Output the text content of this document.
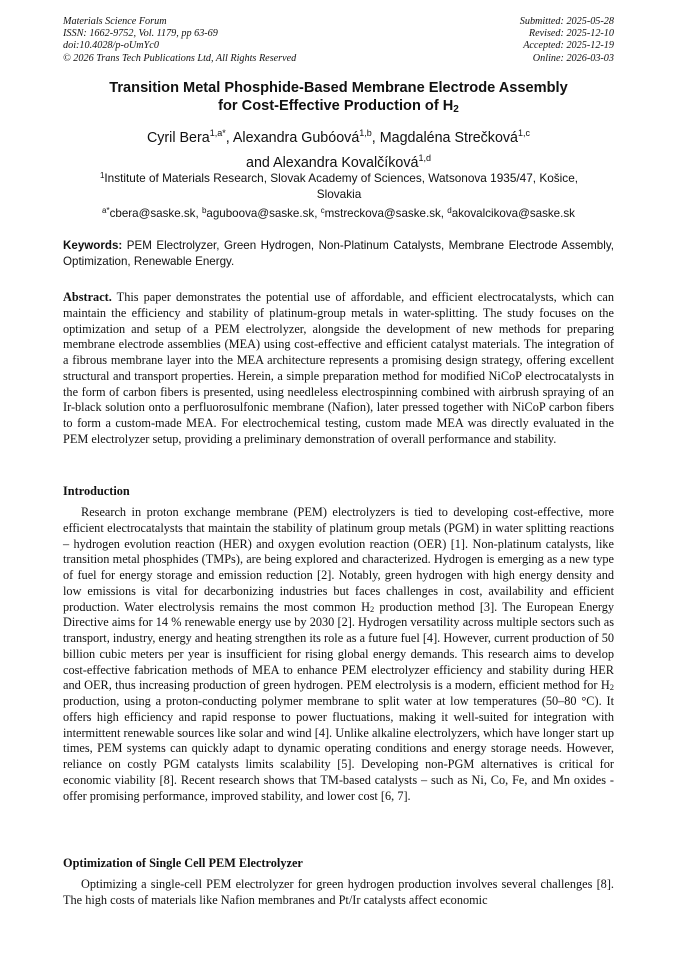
Materials Science Forum
ISSN: 1662-9752, Vol. 1179, pp 63-69
doi:10.4028/p-oUmYc0
© 2026 Trans Tech Publications Ltd, All Rights Reserved
Submitted: 2025-05-28
Revised: 2025-12-10
Accepted: 2025-12-19
Online: 2026-03-03
Transition Metal Phosphide-Based Membrane Electrode Assembly
for Cost-Effective Production of $H_2$
Cyril Bera$^{1,a*}$, Alexandra Gubóová$^{1,b}$, Magdaléna Strečková$^{1,c}$
and Alexandra Kovalčíková$^{1,d}$
$^1$Institute of Materials Research, Slovak Academy of Sciences, Watsonova 1935/47, Košice, Slovakia
$^{a*}$cbera@saske.sk, $^b$aguboova@saske.sk, $^c$mstreckova@saske.sk, $^d$akovalcikova@saske.sk
Keywords: PEM Electrolyzer, Green Hydrogen, Non-Platinum Catalysts, Membrane Electrode Assembly, Optimization, Renewable Energy.
Abstract. This paper demonstrates the potential use of affordable, and efficient electrocatalysts, which can maintain the efficiency and stability of platinum-group metals in water-splitting. The study focuses on the optimization and setup of a PEM electrolyzer, alongside the development of new methods for preparing membrane electrode assemblies (MEA) using cost-effective and efficient catalyst materials. The integration of a fibrous membrane layer into the MEA architecture represents a promising design strategy, offering excellent structural and transport properties. Herein, a simple preparation method for modified NiCoP electrocatalysts in the form of carbon fibers is presented, using needleless electrospinning combined with airbrush spraying of an Ir-black solution onto a perfluorosulfonic membrane (Nafion), later pressed together with NiCoP carbon fibers to form a custom-made MEA. For electrochemical testing, custom made MEA was directly evaluated in the PEM electrolyzer setup, providing a preliminary demonstration of overall performance and stability.
Introduction
Research in proton exchange membrane (PEM) electrolyzers is tied to developing cost-effective, more efficient electrocatalysts that maintain the stability of platinum group metals (PGM) in water splitting reactions – hydrogen evolution reaction (HER) and oxygen evolution reaction (OER) [1]. Non-platinum catalysts, like transition metal phosphides (TMPs), are being explored and characterized. Hydrogen is emerging as a new type of fuel for energy storage and emission reduction [2]. Notably, green hydrogen with high energy density and low emissions is vital for decarbonizing industries but faces challenges in cost, availability and efficient production. Water electrolysis remains the most common $H_2$ production method [3]. The European Energy Directive aims for 14 % renewable energy use by 2030 [2]. Hydrogen versatility across multiple sectors such as transport, industry, energy and heating strengthen its role as a future fuel [4]. However, current production of 50 billion cubic meters per year is insufficient for rising global energy demands. This research aims to develop cost-effective fabrication methods of MEA to enhance PEM electrolyzer efficiency and stability during HER and OER, thus increasing production of green hydrogen. PEM electrolysis is a modern, efficient method for $H_2$ production, using a proton-conducting polymer membrane to split water at low temperatures (50–80 °C). It offers high efficiency and rapid response to power fluctuations, making it well-suited for integration with intermittent renewable sources like solar and wind [4]. Unlike alkaline electrolyzers, which have longer start up times, PEM systems can quickly adapt to dynamic operating conditions and energy storage needs. However, reliance on costly PGM catalysts limits scalability [5]. Developing non-PGM alternatives is critical for economic viability [8]. Recent research shows that TM-based catalysts – such as Ni, Co, Fe, and Mn oxides - offer promising performance, improved stability, and lower cost [6, 7].
Optimization of Single Cell PEM Electrolyzer
Optimizing a single-cell PEM electrolyzer for green hydrogen production involves several challenges [8]. The high costs of materials like Nafion membranes and Pt/Ir catalysts affect economic
